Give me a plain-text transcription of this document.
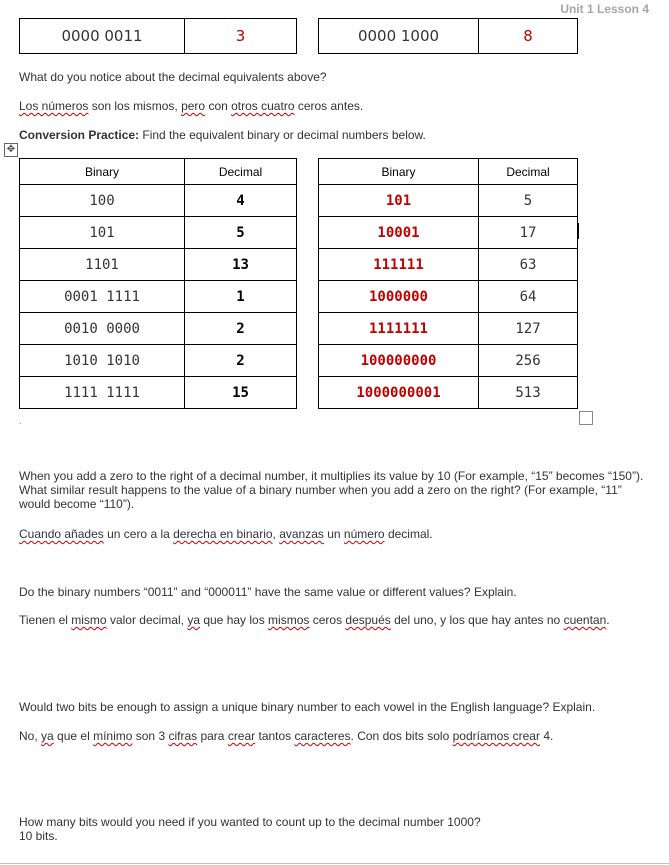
Unit 1 Lesson 4
0000 0011	3	0000 1000	8

What do you notice about the decimal equivalents above?

Los números son los mismos, pero con otros cuatro ceros antes.

Conversion Practice: Find the equivalent binary or decimal numbers below.

✥
Binary	Decimal
100	4
101	5
1101	13
0001 1111	1
0010 0000	2
1010 1010	2
1111 1111	15
Binary	Decimal
101	5
10001	17
111111	63
1000000	64
1111111	127
100000000	256
1000000001	513
.
When you add a zero to the right of a decimal number, it multiplies its value by 10 (For example, “15” becomes “150”).
What similar result happens to the value of a binary number when you add a zero on the right? (For example, “11”
would become “110”).

Cuando añades un cero a la derecha en binario, avanzas un número decimal.

Do the binary numbers “0011” and “000011” have the same value or different values? Explain.

Tienen el mismo valor decimal, ya que hay los mismos ceros después del uno, y los que hay antes no cuentan.

Would two bits be enough to assign a unique binary number to each vowel in the English language? Explain.

No, ya que el mínimo son 3 cifras para crear tantos caracteres. Con dos bits solo podríamos crear 4.

How many bits would you need if you wanted to count up to the decimal number 1000?

10 bits.
